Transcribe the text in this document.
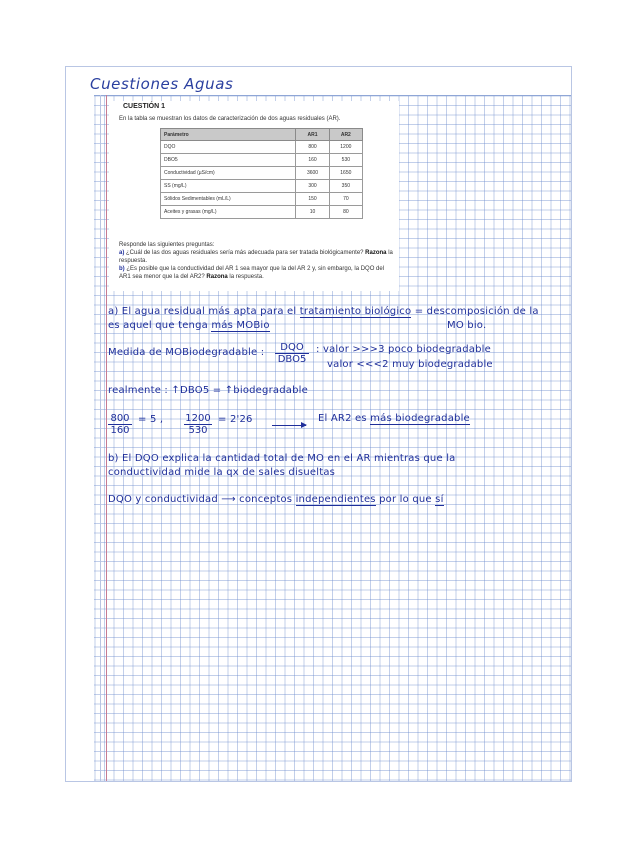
Cuestiones Aguas
CUESTIÓN 1
En la tabla se muestran los datos de caracterización de dos aguas residuales (AR).
Parámetro	AR1	AR2
DQO	800	1200
DBO5	160	530
Conductividad (µS/cm)	3600	1650
SS (mg/L)	300	350
Sólidos Sedimentables (mL/L)	150	70
Aceites y grasas (mg/L)	10	80
Responde las siguientes preguntas:
a) ¿Cuál de las dos aguas residuales sería más adecuada para ser tratada biológicamente? Razona la respuesta.
b) ¿Es posible que la conductividad del AR 1 sea mayor que la del AR 2 y, sin embargo, la DQO del AR1 sea menor que la del AR2? Razona la respuesta.
a) El agua residual más apta para el tratamiento biológico = descomposición de la
es aquel que tenga más MOBio	MO bio.
Medida de MOBiodegradable :	DQO
DBO5
: valor >>>3 poco biodegradable
valor <<<2 muy biodegradable
realmente : ↑DBO5 = ↑biodegradable
$\frac{800}{160} = 5$ , $\frac{1200}{530} = 2'26$	El AR2 es más biodegradable
b) El DQO explica la cantidad total de MO en el AR mientras que la
conductividad mide la qx de sales disueltas
DQO y conductividad ⟶ conceptos independientes por lo que sí
